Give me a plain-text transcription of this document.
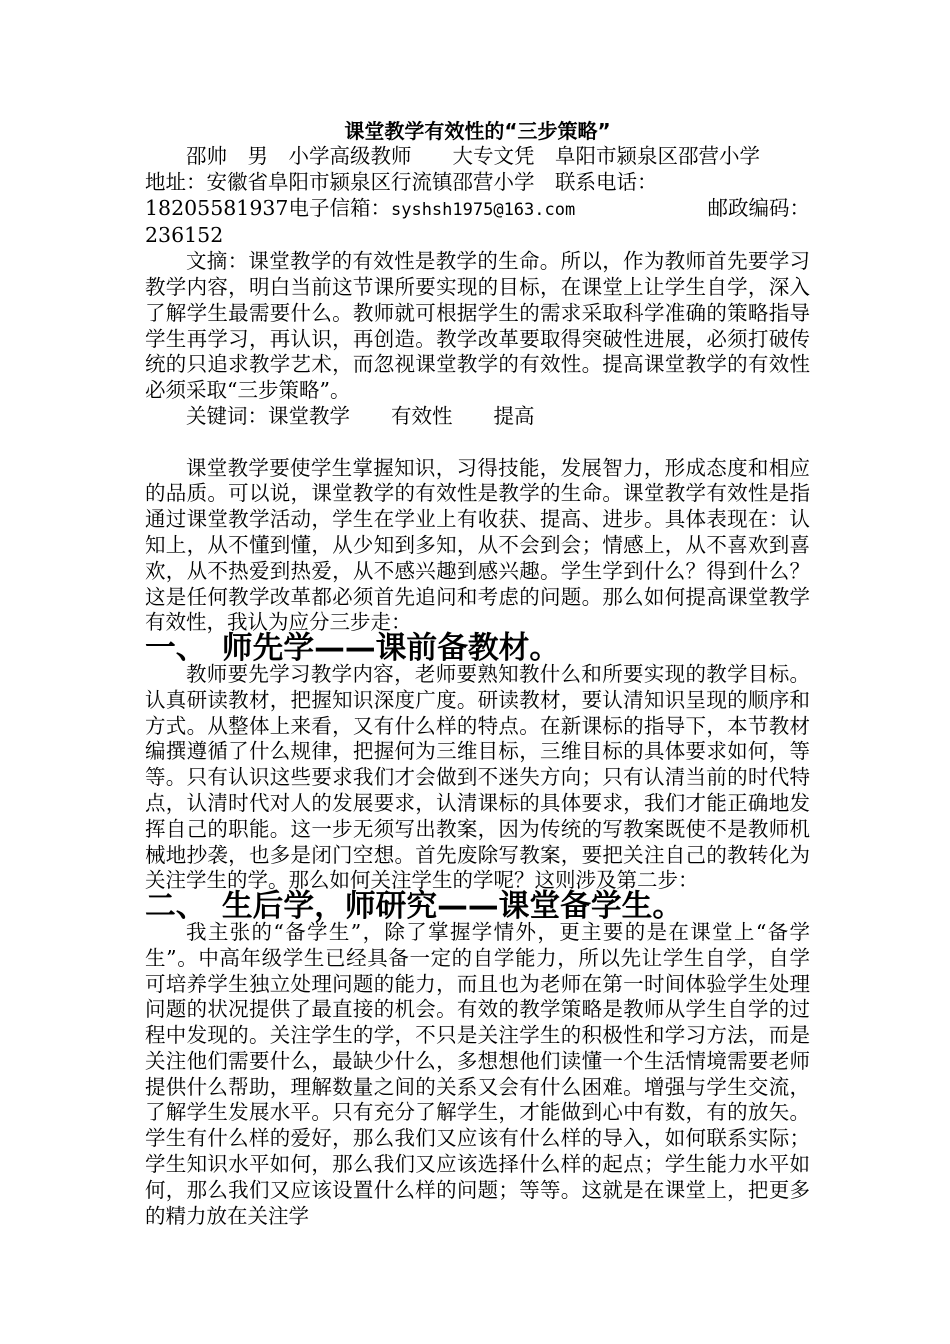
课堂教学有效性的“三步策略”
邵帅　男　小学高级教师　　大专文凭　阜阳市颍泉区邵营小学
地址：安徽省阜阳市颍泉区行流镇邵营小学　联系电话：
18205581937电子信箱：syshsh1975@163.com	邮政编码：
236152

文摘：课堂教学的有效性是教学的生命。所以，作为教师首先要学习教学内容，明白当前这节课所要实现的目标，在课堂上让学生自学，深入了解学生最需要什么。教师就可根据学生的需求采取科学准确的策略指导学生再学习，再认识，再创造。教学改革要取得突破性进展，必须打破传统的只追求教学艺术，而忽视课堂教学的有效性。提高课堂教学的有效性必须采取“三步策略”。

关键词：课堂教学　　有效性　　提高

课堂教学要使学生掌握知识，习得技能，发展智力，形成态度和相应的品质。可以说，课堂教学的有效性是教学的生命。课堂教学有效性是指通过课堂教学活动，学生在学业上有收获、提高、进步。具体表现在：认知上，从不懂到懂，从少知到多知，从不会到会；情感上，从不喜欢到喜欢，从不热爱到热爱，从不感兴趣到感兴趣。学生学到什么？得到什么？这是任何教学改革都必须首先追问和考虑的问题。那么如何提高课堂教学有效性，我认为应分三步走：

一、　师先学——课前备教材。

教师要先学习教学内容，老师要熟知教什么和所要实现的教学目标。认真研读教材，把握知识深度广度。研读教材，要认清知识呈现的顺序和方式。从整体上来看，又有什么样的特点。在新课标的指导下，本节教材编撰遵循了什么规律，把握何为三维目标，三维目标的具体要求如何，等等。只有认识这些要求我们才会做到不迷失方向；只有认清当前的时代特点，认清时代对人的发展要求，认清课标的具体要求，我们才能正确地发挥自己的职能。这一步无须写出教案，因为传统的写教案既使不是教师机械地抄袭，也多是闭门空想。首先废除写教案，要把关注自己的教转化为关注学生的学。那么如何关注学生的学呢？这则涉及第二步：

二、　生后学，师研究——课堂备学生。

我主张的“备学生”，除了掌握学情外，更主要的是在课堂上“备学生”。中高年级学生已经具备一定的自学能力，所以先让学生自学，自学可培养学生独立处理问题的能力，而且也为老师在第一时间体验学生处理问题的状况提供了最直接的机会。有效的教学策略是教师从学生自学的过程中发现的。关注学生的学，不只是关注学生的积极性和学习方法，而是关注他们需要什么，最缺少什么，多想想他们读懂一个生活情境需要老师提供什么帮助，理解数量之间的关系又会有什么困难。增强与学生交流，了解学生发展水平。只有充分了解学生，才能做到心中有数，有的放矢。学生有什么样的爱好，那么我们又应该有什么样的导入，如何联系实际；学生知识水平如何，那么我们又应该选择什么样的起点；学生能力水平如何，那么我们又应该设置什么样的问题；等等。这就是在课堂上，把更多的精力放在关注学
